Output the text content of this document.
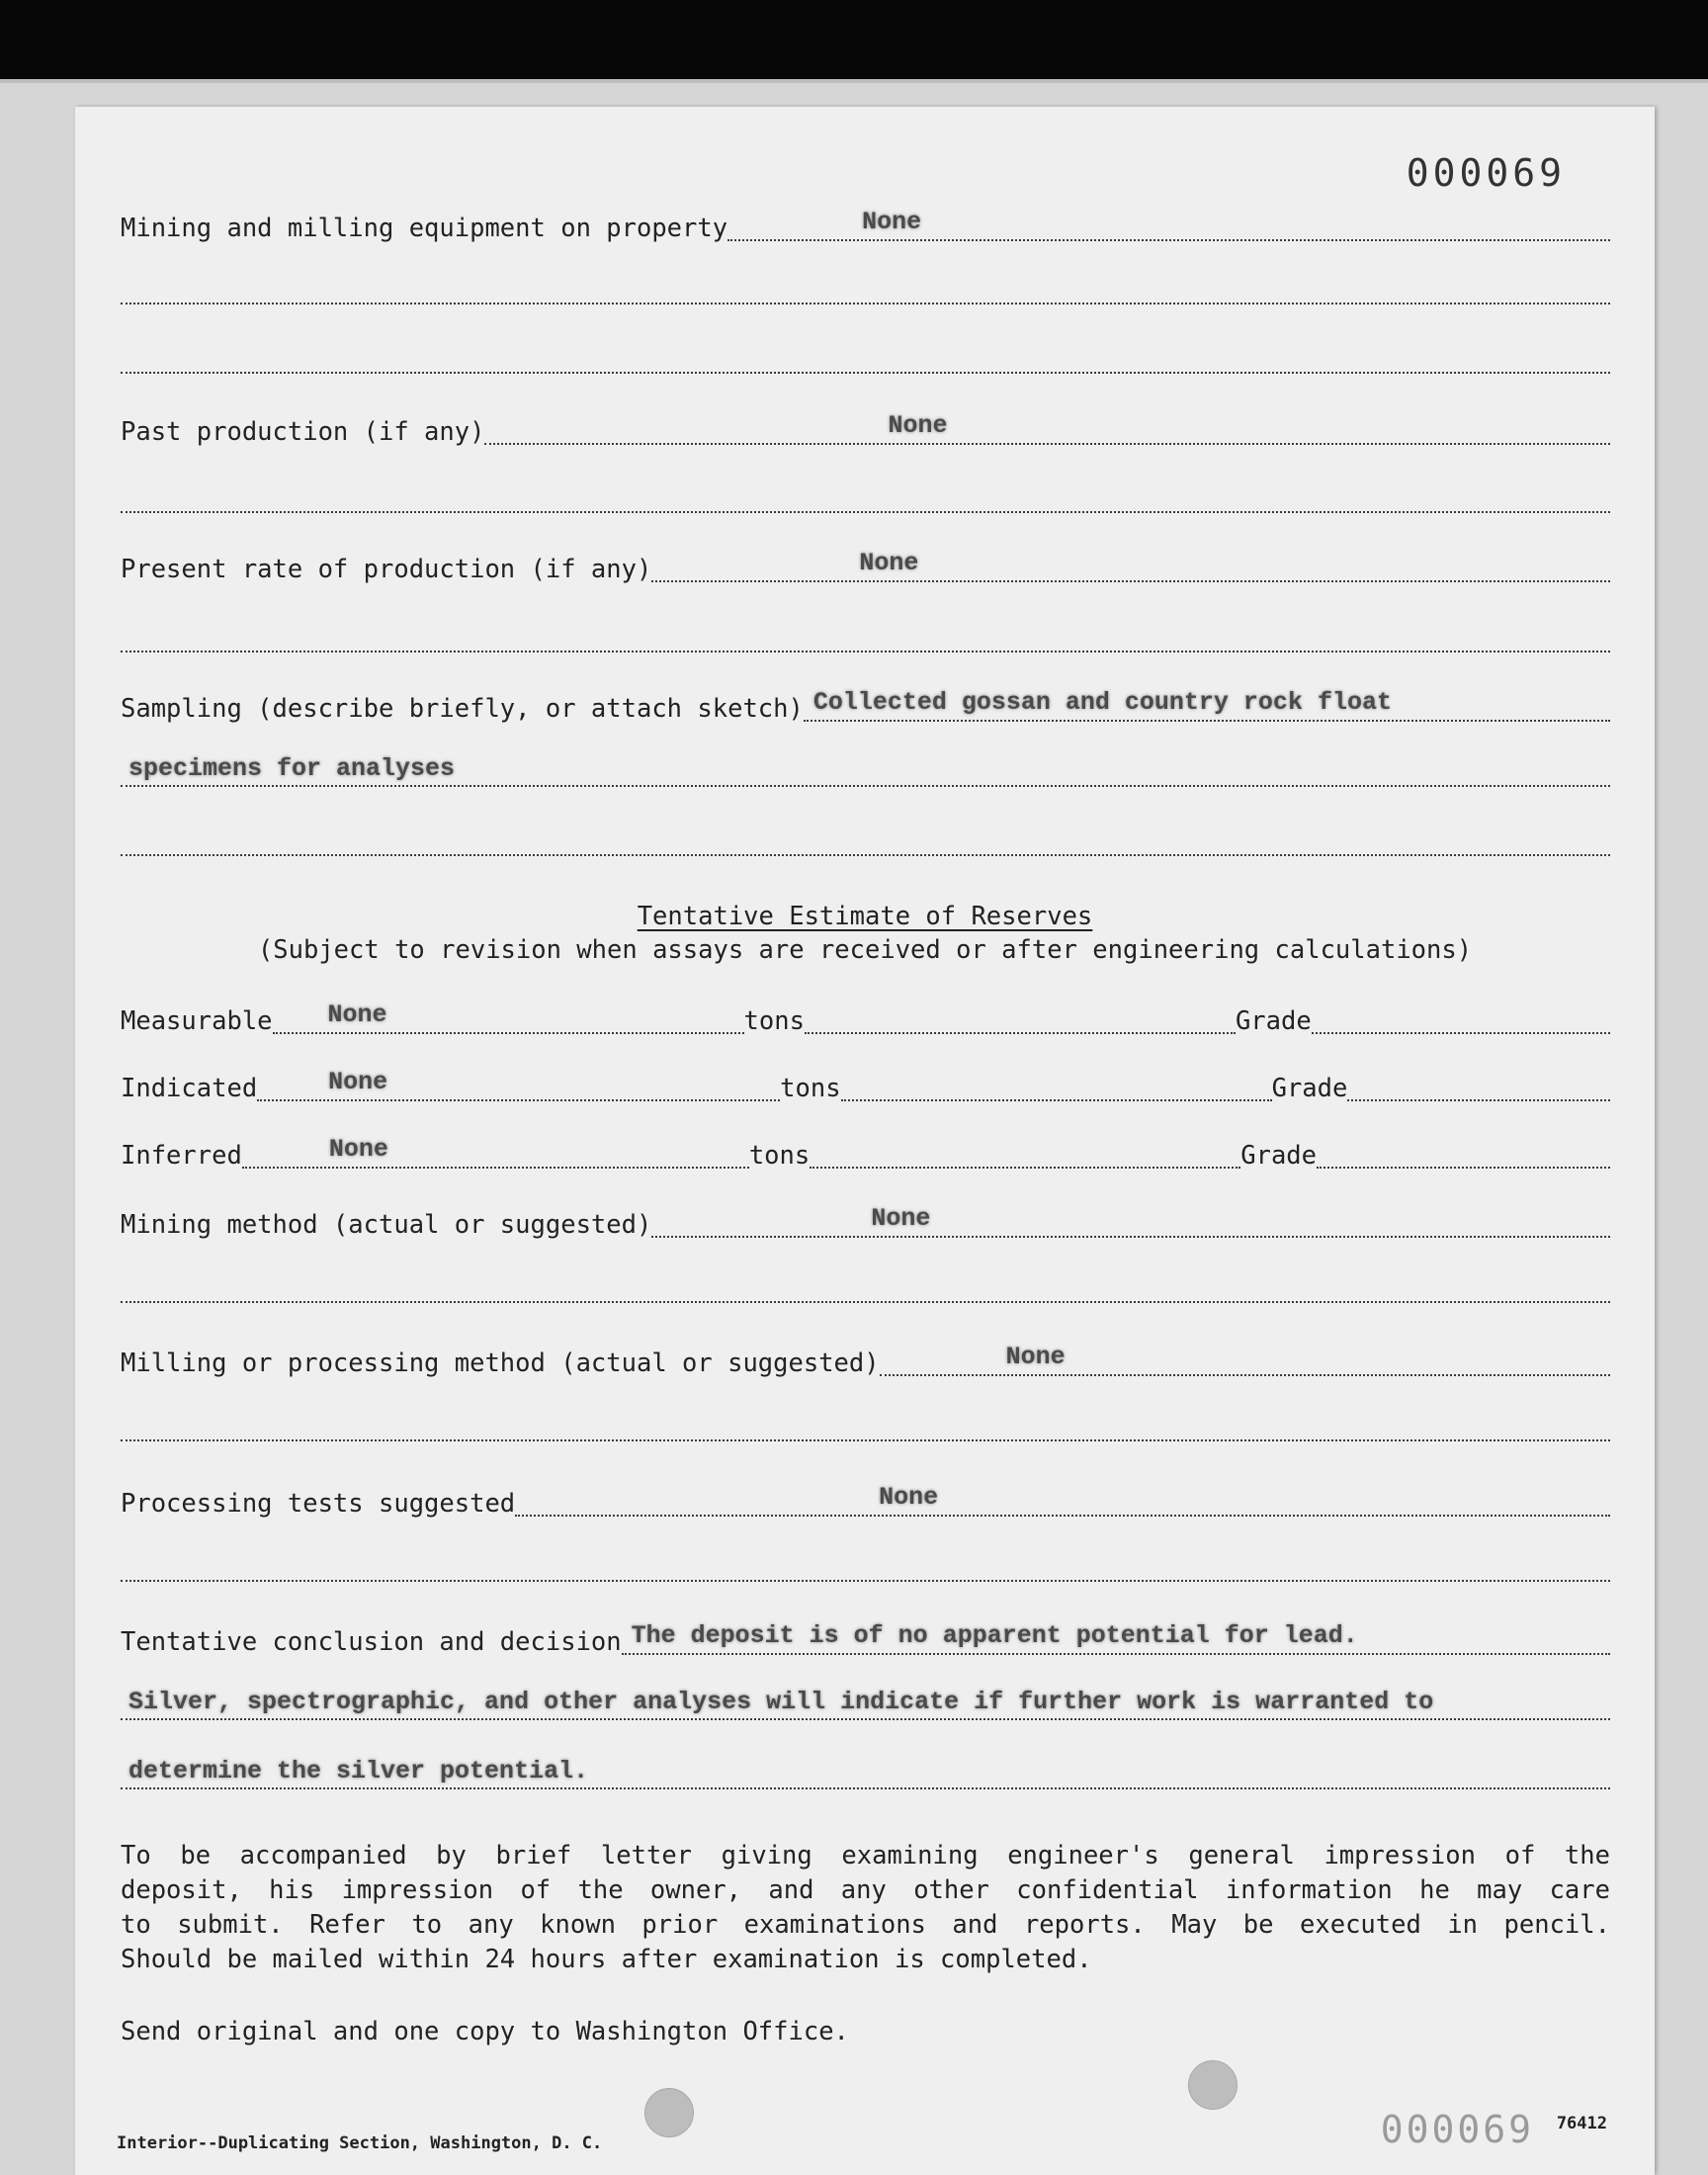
000069
Mining and milling equipment on property	None
Past production (if any)	None
Present rate of production (if any)	None
Sampling (describe briefly, or attach sketch) Collected gossan and country rock float
specimens for analyses
Tentative Estimate of Reserves
(Subject to revision when assays are received or after engineering calculations)
Measurable None	tons	Grade
Indicated	None	tons	Grade
Inferred	None	tons	Grade
Mining method (actual or suggested)	None
Milling or processing method (actual or suggested)	None
Processing tests suggested	None
Tentative conclusion and decision The deposit is of no apparent potential for lead.
Silver, spectrographic, and other analyses will indicate if further work is warranted to
determine the silver potential.
To be accompanied by brief letter giving examining engineer's general impression of the
deposit, his impression of the owner, and any other confidential information he may care
to submit. Refer to any known prior examinations and reports. May be executed in pencil.
Should be mailed within 24 hours after examination is completed.
Send original and one copy to Washington Office.
000069 76412
Interior--Duplicating Section, Washington, D. C.
